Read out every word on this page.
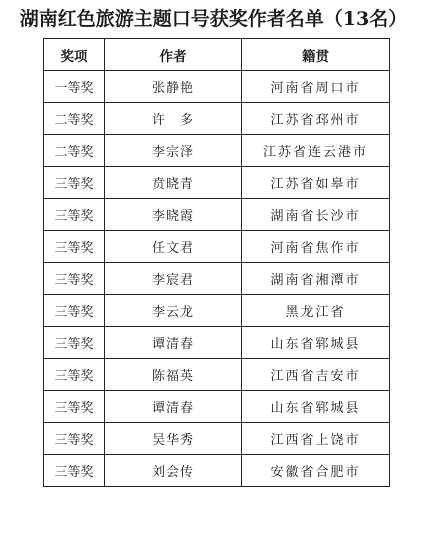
湖南红色旅游主题口号获奖作者名单（13名）
奖项	作者	籍贯
一等奖	张静艳	河南省周口市
二等奖	许　多	江苏省邳州市
二等奖	李宗泽	江苏省连云港市
三等奖	贲晓青	江苏省如皋市
三等奖	李晓霞	湖南省长沙市
三等奖	任文君	河南省焦作市
三等奖	李宸君	湖南省湘潭市
三等奖	李云龙	黑龙江省
三等奖	谭清春	山东省郓城县
三等奖	陈福英	江西省吉安市
三等奖	谭清春	山东省郓城县
三等奖	吴华秀	江西省上饶市
三等奖	刘会传	安徽省合肥市
